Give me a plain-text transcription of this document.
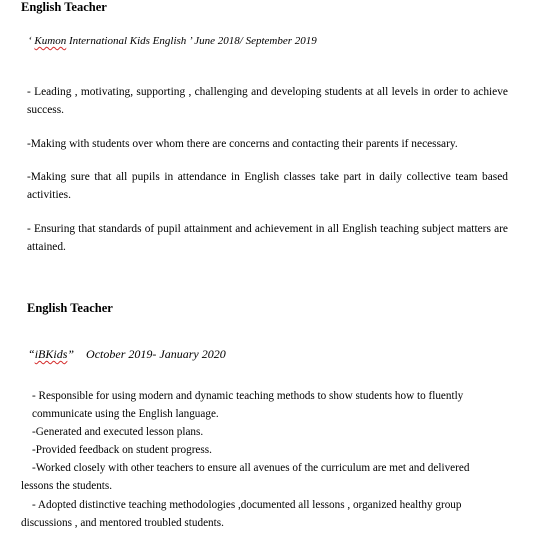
English Teacher
‘ Kumon International Kids English ’ June 2018/ September 2019

- Leading , motivating, supporting , challenging and developing students at all levels in order to achieve success.

-Making with students over whom there are concerns and contacting their parents if necessary.

-Making sure that all pupils in attendance in English classes take part in daily collective team based activities.

- Ensuring that standards of pupil attainment and achievement in all English teaching subject matters are attained.

English Teacher
“iBKids”    October 2019- January 2020
- Responsible for using modern and dynamic teaching methods to show students how to fluently
communicate using the English language.
-Generated and executed lesson plans.
-Provided feedback on student progress.
-Worked closely with other teachers to ensure all avenues of the curriculum are met and delivered
lessons the students.
- Adopted distinctive teaching methodologies ,documented all lessons , organized healthy group
discussions , and mentored troubled students.
